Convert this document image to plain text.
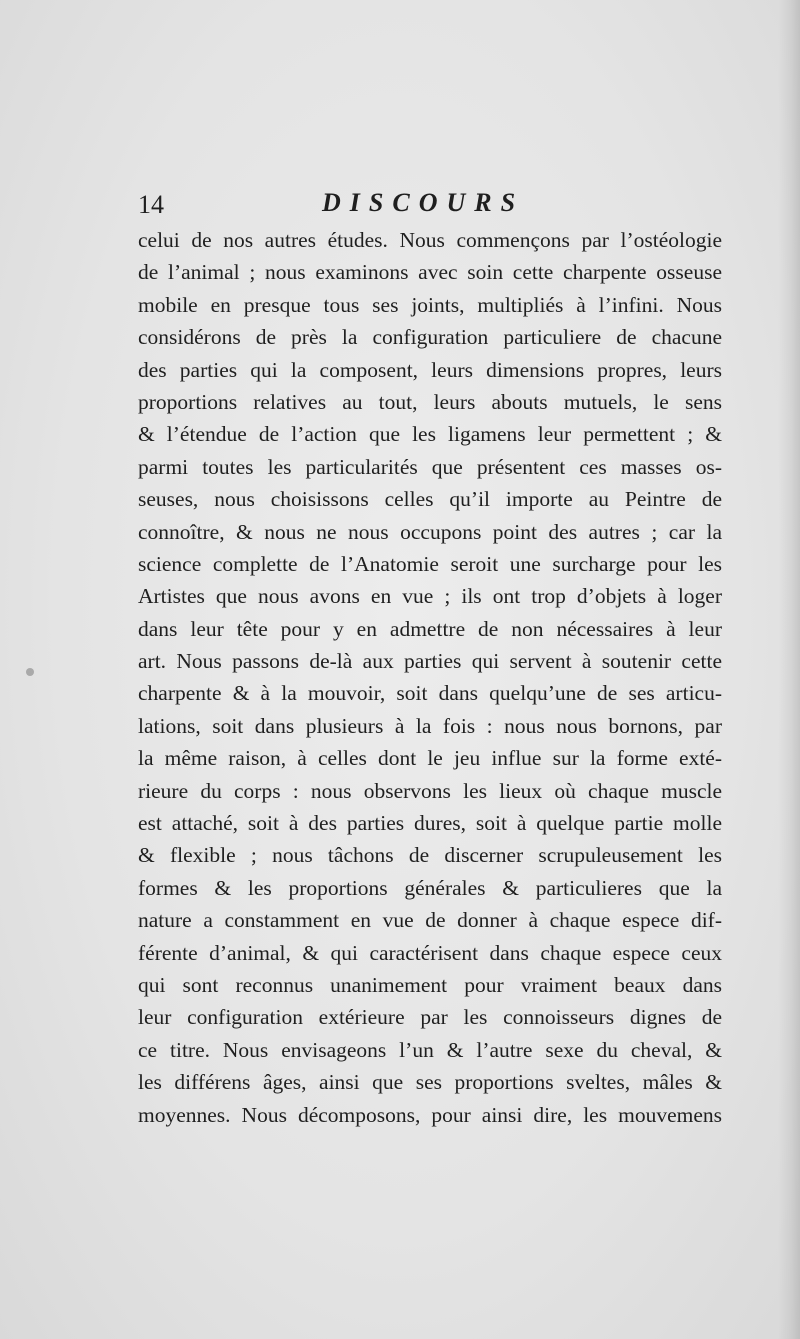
14	DISCOURS
celui de nos autres études. Nous commençons par l’ostéologie
de l’animal ; nous examinons avec soin cette charpente osseuse
mobile en presque tous ses joints, multipliés à l’infini. Nous
considérons de près la configuration particuliere de chacune
des parties qui la composent, leurs dimensions propres, leurs
proportions relatives au tout, leurs abouts mutuels, le sens
& l’étendue de l’action que les ligamens leur permettent ; &
parmi toutes les particularités que présentent ces masses os-
seuses, nous choisissons celles qu’il importe au Peintre de
connoître, & nous ne nous occupons point des autres ; car la
science complette de l’Anatomie seroit une surcharge pour les
Artistes que nous avons en vue ; ils ont trop d’objets à loger
dans leur tête pour y en admettre de non nécessaires à leur
art. Nous passons de-là aux parties qui servent à soutenir cette
charpente & à la mouvoir, soit dans quelqu’une de ses articu-
lations, soit dans plusieurs à la fois : nous nous bornons, par
la même raison, à celles dont le jeu influe sur la forme exté-
rieure du corps : nous observons les lieux où chaque muscle
est attaché, soit à des parties dures, soit à quelque partie molle
& flexible ; nous tâchons de discerner scrupuleusement les
formes & les proportions générales & particulieres que la
nature a constamment en vue de donner à chaque espece dif-
férente d’animal, & qui caractérisent dans chaque espece ceux
qui sont reconnus unanimement pour vraiment beaux dans
leur configuration extérieure par les connoisseurs dignes de
ce titre. Nous envisageons l’un & l’autre sexe du cheval, &
les différens âges, ainsi que ses proportions sveltes, mâles &
moyennes. Nous décomposons, pour ainsi dire, les mouvemens
